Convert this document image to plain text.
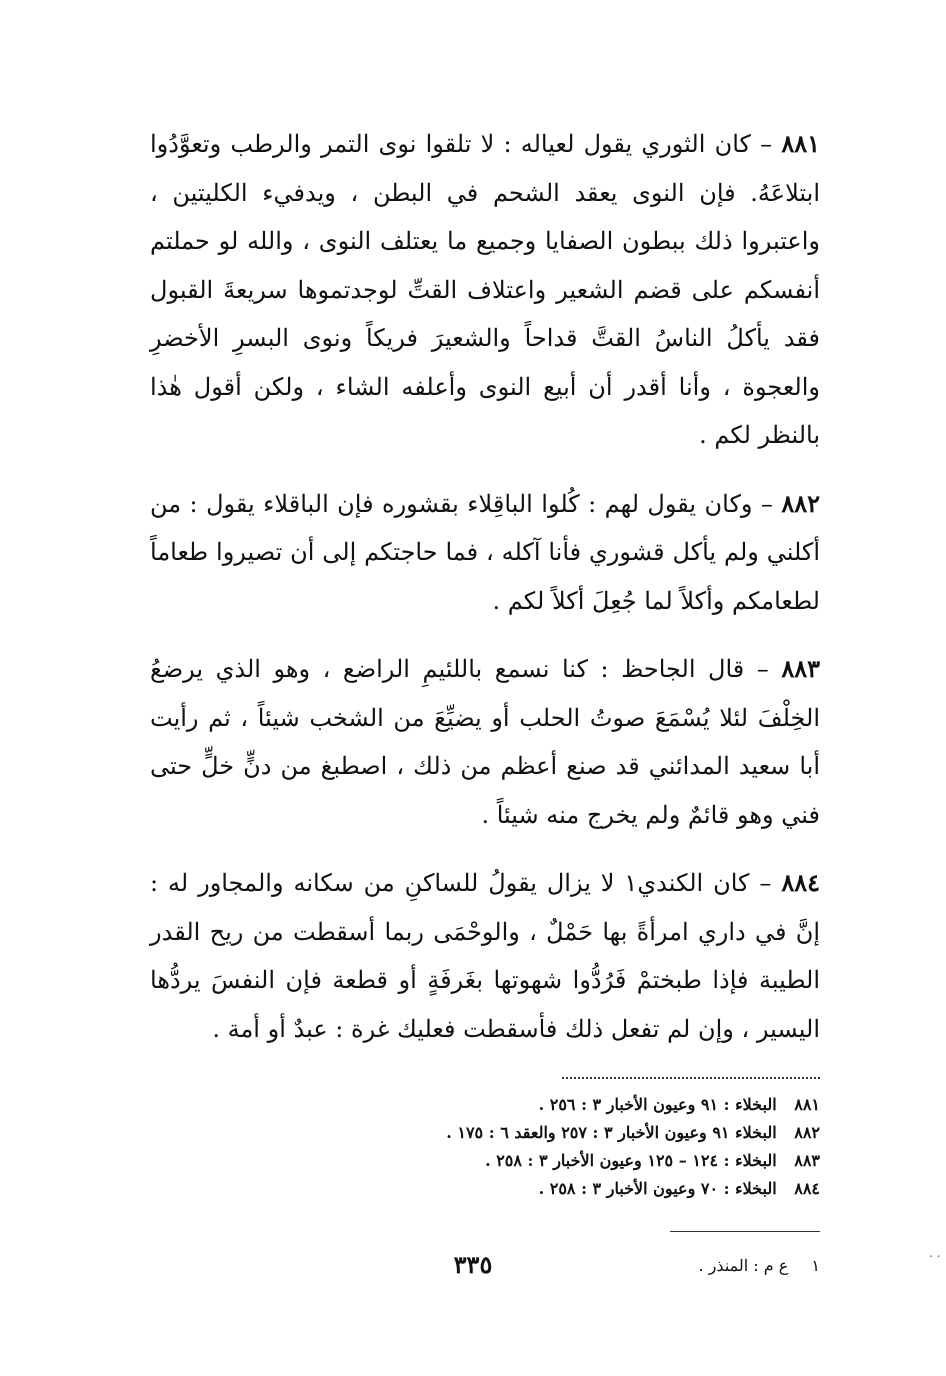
٨٨١ – كان الثوري يقول لعياله : لا تلقوا نوى التمر والرطب وتعوَّدُوا ابتلاعَهُ. فإن النوى يعقد الشحم في البطن ، ويدفيء الكليتين ، واعتبروا ذلك ببطون الصفايا وجميع ما يعتلف النوى ، والله لو حملتم أنفسكم على قضم الشعير واعتلاف القتِّ لوجدتموها سريعةَ القبول فقد يأكلُ الناسُ القتَّ قداحاً والشعيرَ فريكاً ونوى البسرِ الأخضرِ والعجوة ، وأنا أقدر أن أبيع النوى وأعلفه الشاء ، ولكن أقول هٰذا بالنظر لكم .

٨٨٢ – وكان يقول لهم : كُلوا الباقِلاء بقشوره فإن الباقلاء يقول : من أكلني ولم يأكل قشوري فأنا آكله ، فما حاجتكم إلى أن تصيروا طعاماً لطعامكم وأكلاً لما جُعِلَ أكلاً لكم .

٨٨٣ – قال الجاحظ : كنا نسمع باللئيمِ الراضع ، وهو الذي يرضعُ الخِلْفَ لئلا يُسْمَعَ صوتُ الحلب أو يضيِّعَ من الشخب شيئاً ، ثم رأيت أبا سعيد المدائني قد صنع أعظم من ذلك ، اصطبغ من دنٍّ خلٍّ حتى فني وهو قائمٌ ولم يخرج منه شيئاً .

٨٨٤ – كان الكندي١ لا يزال يقولُ للساكنِ من سكانه والمجاور له : إنَّ في داري امرأةً بها حَمْلٌ ، والوحْمَى ربما أسقطت من ريح القدر الطيبة فإذا طبختمْ فَرُدُّوا شهوتها بغَرفَةٍ أو قطعة فإن النفسَ يردُّها اليسير ، وإن لم تفعل ذلك فأسقطت فعليك غرة : عبدٌ أو أمة .

٨٨١ البخلاء : ٩١ وعيون الأخبار ٣ : ٢٥٦ .
٨٨٢ البخلاء ٩١ وعيون الأخبار ٣ : ٢٥٧ والعقد ٦ : ١٧٥ .
٨٨٣ البخلاء : ١٢٤ – ١٢٥ وعيون الأخبار ٣ : ٢٥٨ .
٨٨٤ البخلاء : ٧٠ وعيون الأخبار ٣ : ٢٥٨ .
١ ع م : المنذر .
٣٣٥	. .
